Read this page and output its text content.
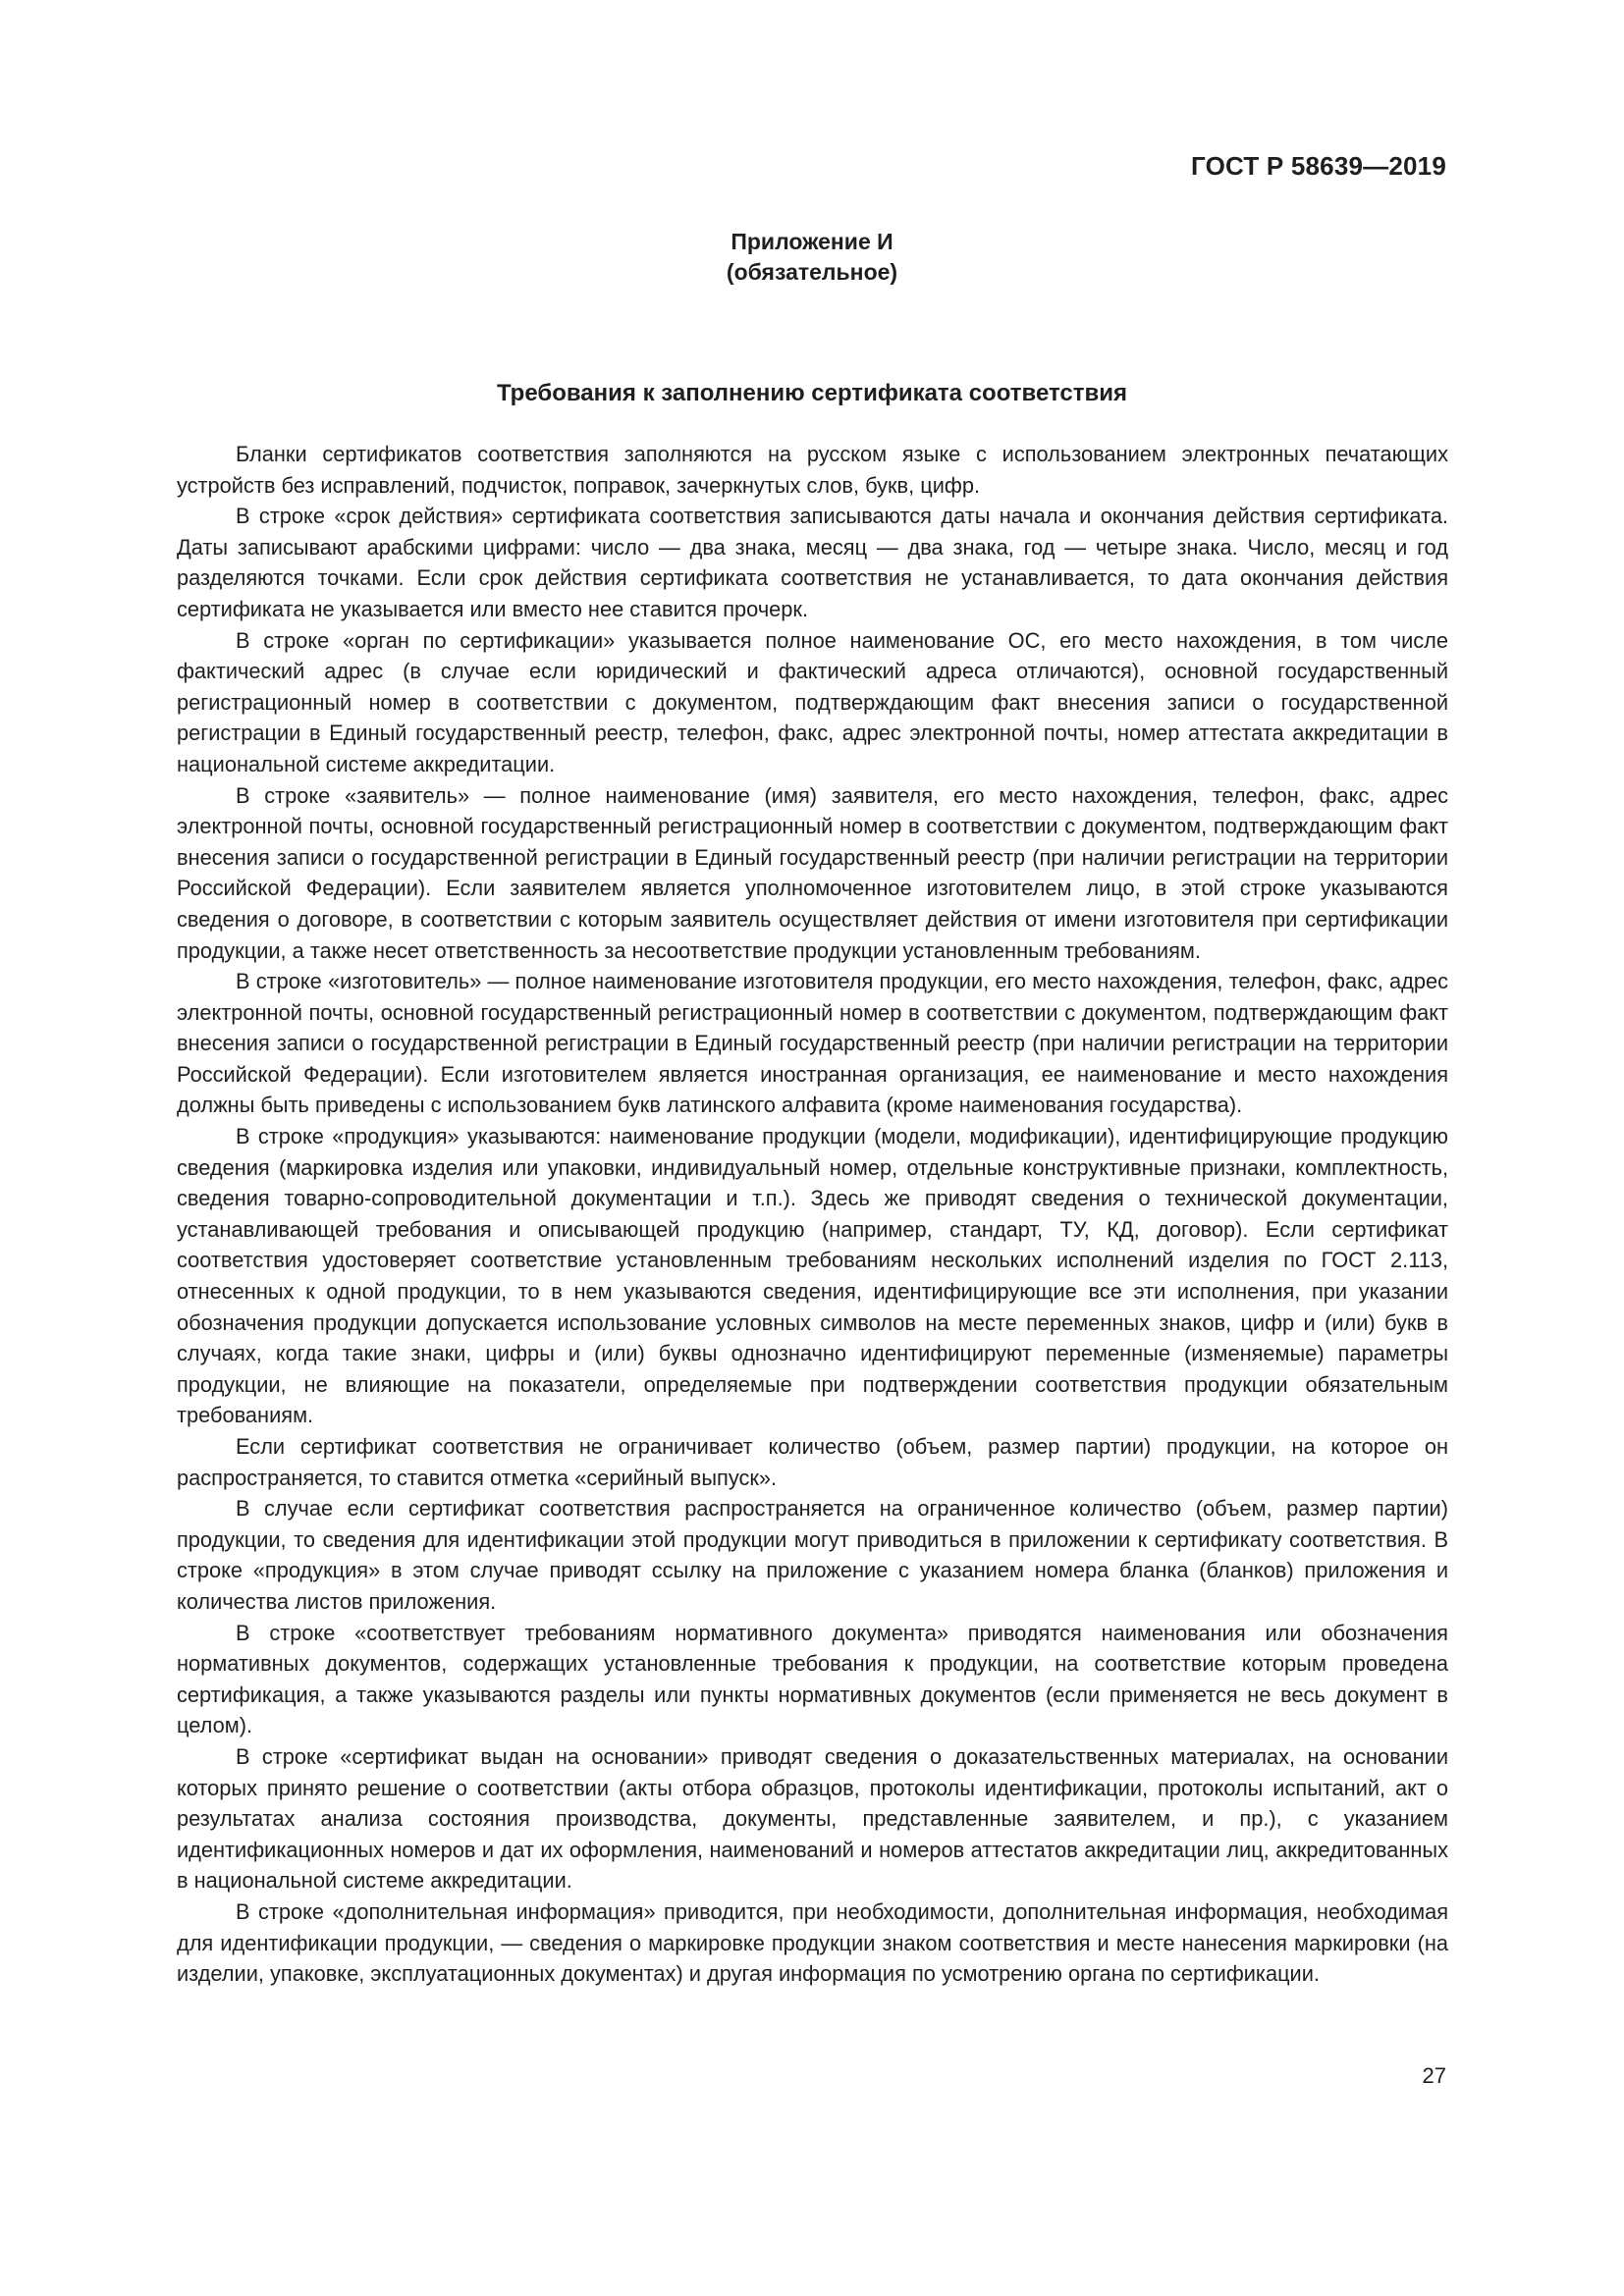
ГОСТ Р 58639—2019
Приложение И
(обязательное)
Требования к заполнению сертификата соответствия

Бланки сертификатов соответствия заполняются на русском языке с использованием электронных печатающих устройств без исправлений, подчисток, поправок, зачеркнутых слов, букв, цифр.

В строке «срок действия» сертификата соответствия записываются даты начала и окончания действия сертификата. Даты записывают арабскими цифрами: число — два знака, месяц — два знака, год — четыре знака. Число, месяц и год разделяются точками. Если срок действия сертификата соответствия не устанавливается, то дата окончания действия сертификата не указывается или вместо нее ставится прочерк.

В строке «орган по сертификации» указывается полное наименование ОС, его место нахождения, в том числе фактический адрес (в случае если юридический и фактический адреса отличаются), основной государственный регистрационный номер в соответствии с документом, подтверждающим факт внесения записи о государственной регистрации в Единый государственный реестр, телефон, факс, адрес электронной почты, номер аттестата аккредитации в национальной системе аккредитации.

В строке «заявитель» — полное наименование (имя) заявителя, его место нахождения, телефон, факс, адрес электронной почты, основной государственный регистрационный номер в соответствии с документом, подтверждающим факт внесения записи о государственной регистрации в Единый государственный реестр (при наличии регистрации на территории Российской Федерации). Если заявителем является уполномоченное изготовителем лицо, в этой строке указываются сведения о договоре, в соответствии с которым заявитель осуществляет действия от имени изготовителя при сертификации продукции, а также несет ответственность за несоответствие продукции установленным требованиям.

В строке «изготовитель» — полное наименование изготовителя продукции, его место нахождения, телефон, факс, адрес электронной почты, основной государственный регистрационный номер в соответствии с документом, подтверждающим факт внесения записи о государственной регистрации в Единый государственный реестр (при наличии регистрации на территории Российской Федерации). Если изготовителем является иностранная организация, ее наименование и место нахождения должны быть приведены с использованием букв латинского алфавита (кроме наименования государства).

В строке «продукция» указываются: наименование продукции (модели, модификации), идентифицирующие продукцию сведения (маркировка изделия или упаковки, индивидуальный номер, отдельные конструктивные признаки, комплектность, сведения товарно-сопроводительной документации и т.п.). Здесь же приводят сведения о технической документации, устанавливающей требования и описывающей продукцию (например, стандарт, ТУ, КД, договор). Если сертификат соответствия удостоверяет соответствие установленным требованиям нескольких исполнений изделия по ГОСТ 2.113, отнесенных к одной продукции, то в нем указываются сведения, идентифицирующие все эти исполнения, при указании обозначения продукции допускается использование условных символов на месте переменных знаков, цифр и (или) букв в случаях, когда такие знаки, цифры и (или) буквы однозначно идентифицируют переменные (изменяемые) параметры продукции, не влияющие на показатели, определяемые при подтверждении соответствия продукции обязательным требованиям.

Если сертификат соответствия не ограничивает количество (объем, размер партии) продукции, на которое он распространяется, то ставится отметка «серийный выпуск».

В случае если сертификат соответствия распространяется на ограниченное количество (объем, размер партии) продукции, то сведения для идентификации этой продукции могут приводиться в приложении к сертификату соответствия. В строке «продукция» в этом случае приводят ссылку на приложение с указанием номера бланка (бланков) приложения и количества листов приложения.

В строке «соответствует требованиям нормативного документа» приводятся наименования или обозначения нормативных документов, содержащих установленные требования к продукции, на соответствие которым проведена сертификация, а также указываются разделы или пункты нормативных документов (если применяется не весь документ в целом).

В строке «сертификат выдан на основании» приводят сведения о доказательственных материалах, на основании которых принято решение о соответствии (акты отбора образцов, протоколы идентификации, протоколы испытаний, акт о результатах анализа состояния производства, документы, представленные заявителем, и пр.), с указанием идентификационных номеров и дат их оформления, наименований и номеров аттестатов аккредитации лиц, аккредитованных в национальной системе аккредитации.

В строке «дополнительная информация» приводится, при необходимости, дополнительная информация, необходимая для идентификации продукции, — сведения о маркировке продукции знаком соответствия и месте нанесения маркировки (на изделии, упаковке, эксплуатационных документах) и другая информация по усмотрению органа по сертификации.

27
